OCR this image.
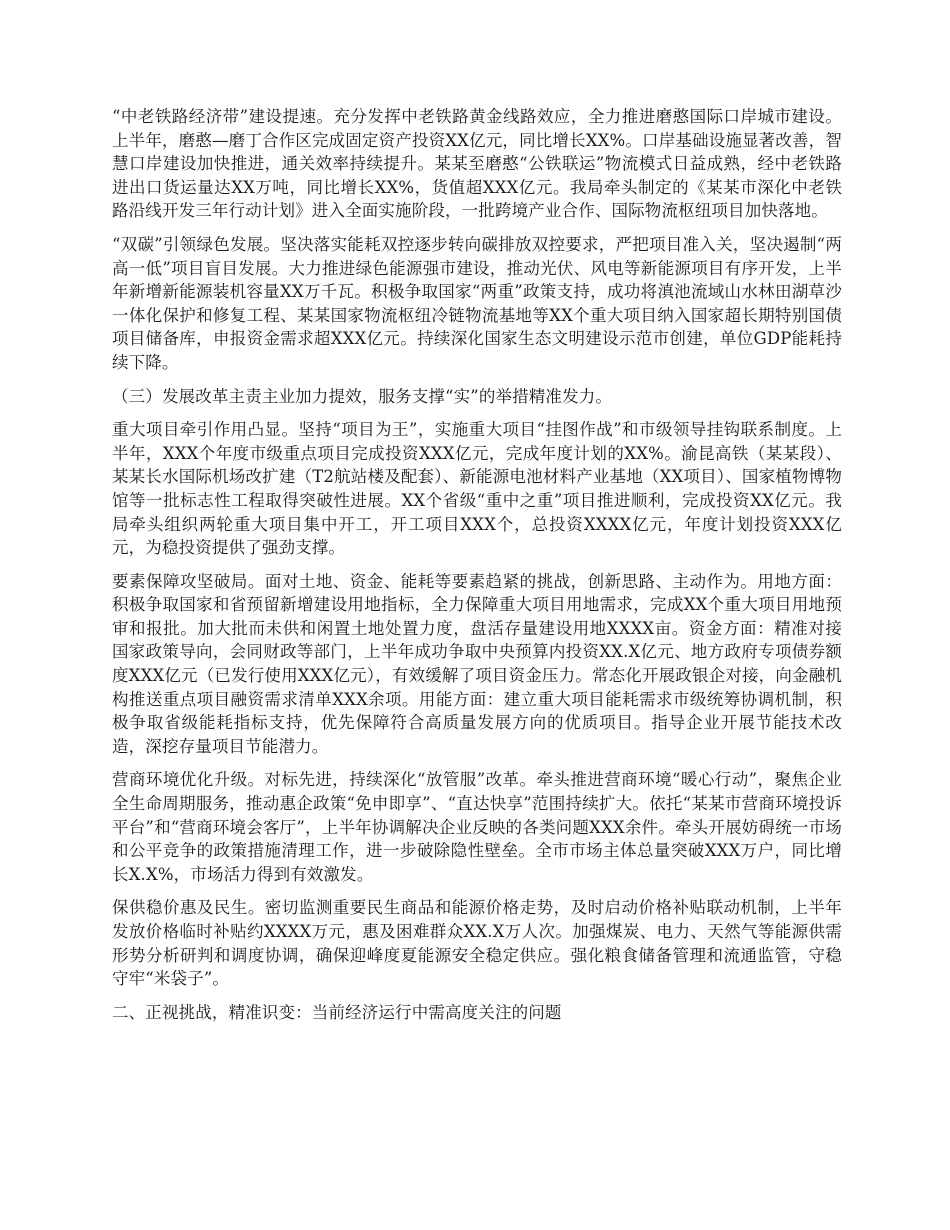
“中老铁路经济带”建设提速。充分发挥中老铁路黄金线路效应，全力推进磨憨国际口岸城市建设。上半年，磨憨—磨丁合作区完成固定资产投资XX亿元，同比增长XX%。口岸基础设施显著改善，智慧口岸建设加快推进，通关效率持续提升。某某至磨憨“公铁联运”物流模式日益成熟，经中老铁路进出口货运量达XX万吨，同比增长XX%，货值超XXX亿元。我局牵头制定的《某某市深化中老铁路沿线开发三年行动计划》进入全面实施阶段，一批跨境产业合作、国际物流枢纽项目加快落地。

“双碳”引领绿色发展。坚决落实能耗双控逐步转向碳排放双控要求，严把项目准入关，坚决遏制“两高一低”项目盲目发展。大力推进绿色能源强市建设，推动光伏、风电等新能源项目有序开发，上半年新增新能源装机容量XX万千瓦。积极争取国家“两重”政策支持，成功将滇池流域山水林田湖草沙一体化保护和修复工程、某某国家物流枢纽冷链物流基地等XX个重大项目纳入国家超长期特别国债项目储备库，申报资金需求超XXX亿元。持续深化国家生态文明建设示范市创建，单位GDP能耗持续下降。

（三）发展改革主责主业加力提效，服务支撑“实”的举措精准发力。

重大项目牵引作用凸显。坚持“项目为王”，实施重大项目“挂图作战”和市级领导挂钩联系制度。上半年，XXX个年度市级重点项目完成投资XXX亿元，完成年度计划的XX%。渝昆高铁（某某段）、某某长水国际机场改扩建（T2航站楼及配套）、新能源电池材料产业基地（XX项目）、国家植物博物馆等一批标志性工程取得突破性进展。XX个省级“重中之重”项目推进顺利，完成投资XX亿元。我局牵头组织两轮重大项目集中开工，开工项目XXX个，总投资XXXX亿元，年度计划投资XXX亿元，为稳投资提供了强劲支撑。

要素保障攻坚破局。面对土地、资金、能耗等要素趋紧的挑战，创新思路、主动作为。用地方面：积极争取国家和省预留新增建设用地指标，全力保障重大项目用地需求，完成XX个重大项目用地预审和报批。加大批而未供和闲置土地处置力度，盘活存量建设用地XXXX亩。资金方面：精准对接国家政策导向，会同财政等部门，上半年成功争取中央预算内投资XX.X亿元、地方政府专项债券额度XXX亿元（已发行使用XXX亿元），有效缓解了项目资金压力。常态化开展政银企对接，向金融机构推送重点项目融资需求清单XXX余项。用能方面：建立重大项目能耗需求市级统筹协调机制，积极争取省级能耗指标支持，优先保障符合高质量发展方向的优质项目。指导企业开展节能技术改造，深挖存量项目节能潜力。

营商环境优化升级。对标先进，持续深化“放管服”改革。牵头推进营商环境“暖心行动”，聚焦企业全生命周期服务，推动惠企政策“免申即享”、“直达快享”范围持续扩大。依托“某某市营商环境投诉平台”和“营商环境会客厅”，上半年协调解决企业反映的各类问题XXX余件。牵头开展妨碍统一市场和公平竞争的政策措施清理工作，进一步破除隐性壁垒。全市市场主体总量突破XXX万户，同比增长X.X%，市场活力得到有效激发。

保供稳价惠及民生。密切监测重要民生商品和能源价格走势，及时启动价格补贴联动机制，上半年发放价格临时补贴约XXXX万元，惠及困难群众XX.X万人次。加强煤炭、电力、天然气等能源供需形势分析研判和调度协调，确保迎峰度夏能源安全稳定供应。强化粮食储备管理和流通监管，守稳守牢“米袋子”。

二、正视挑战，精准识变：当前经济运行中需高度关注的问题
